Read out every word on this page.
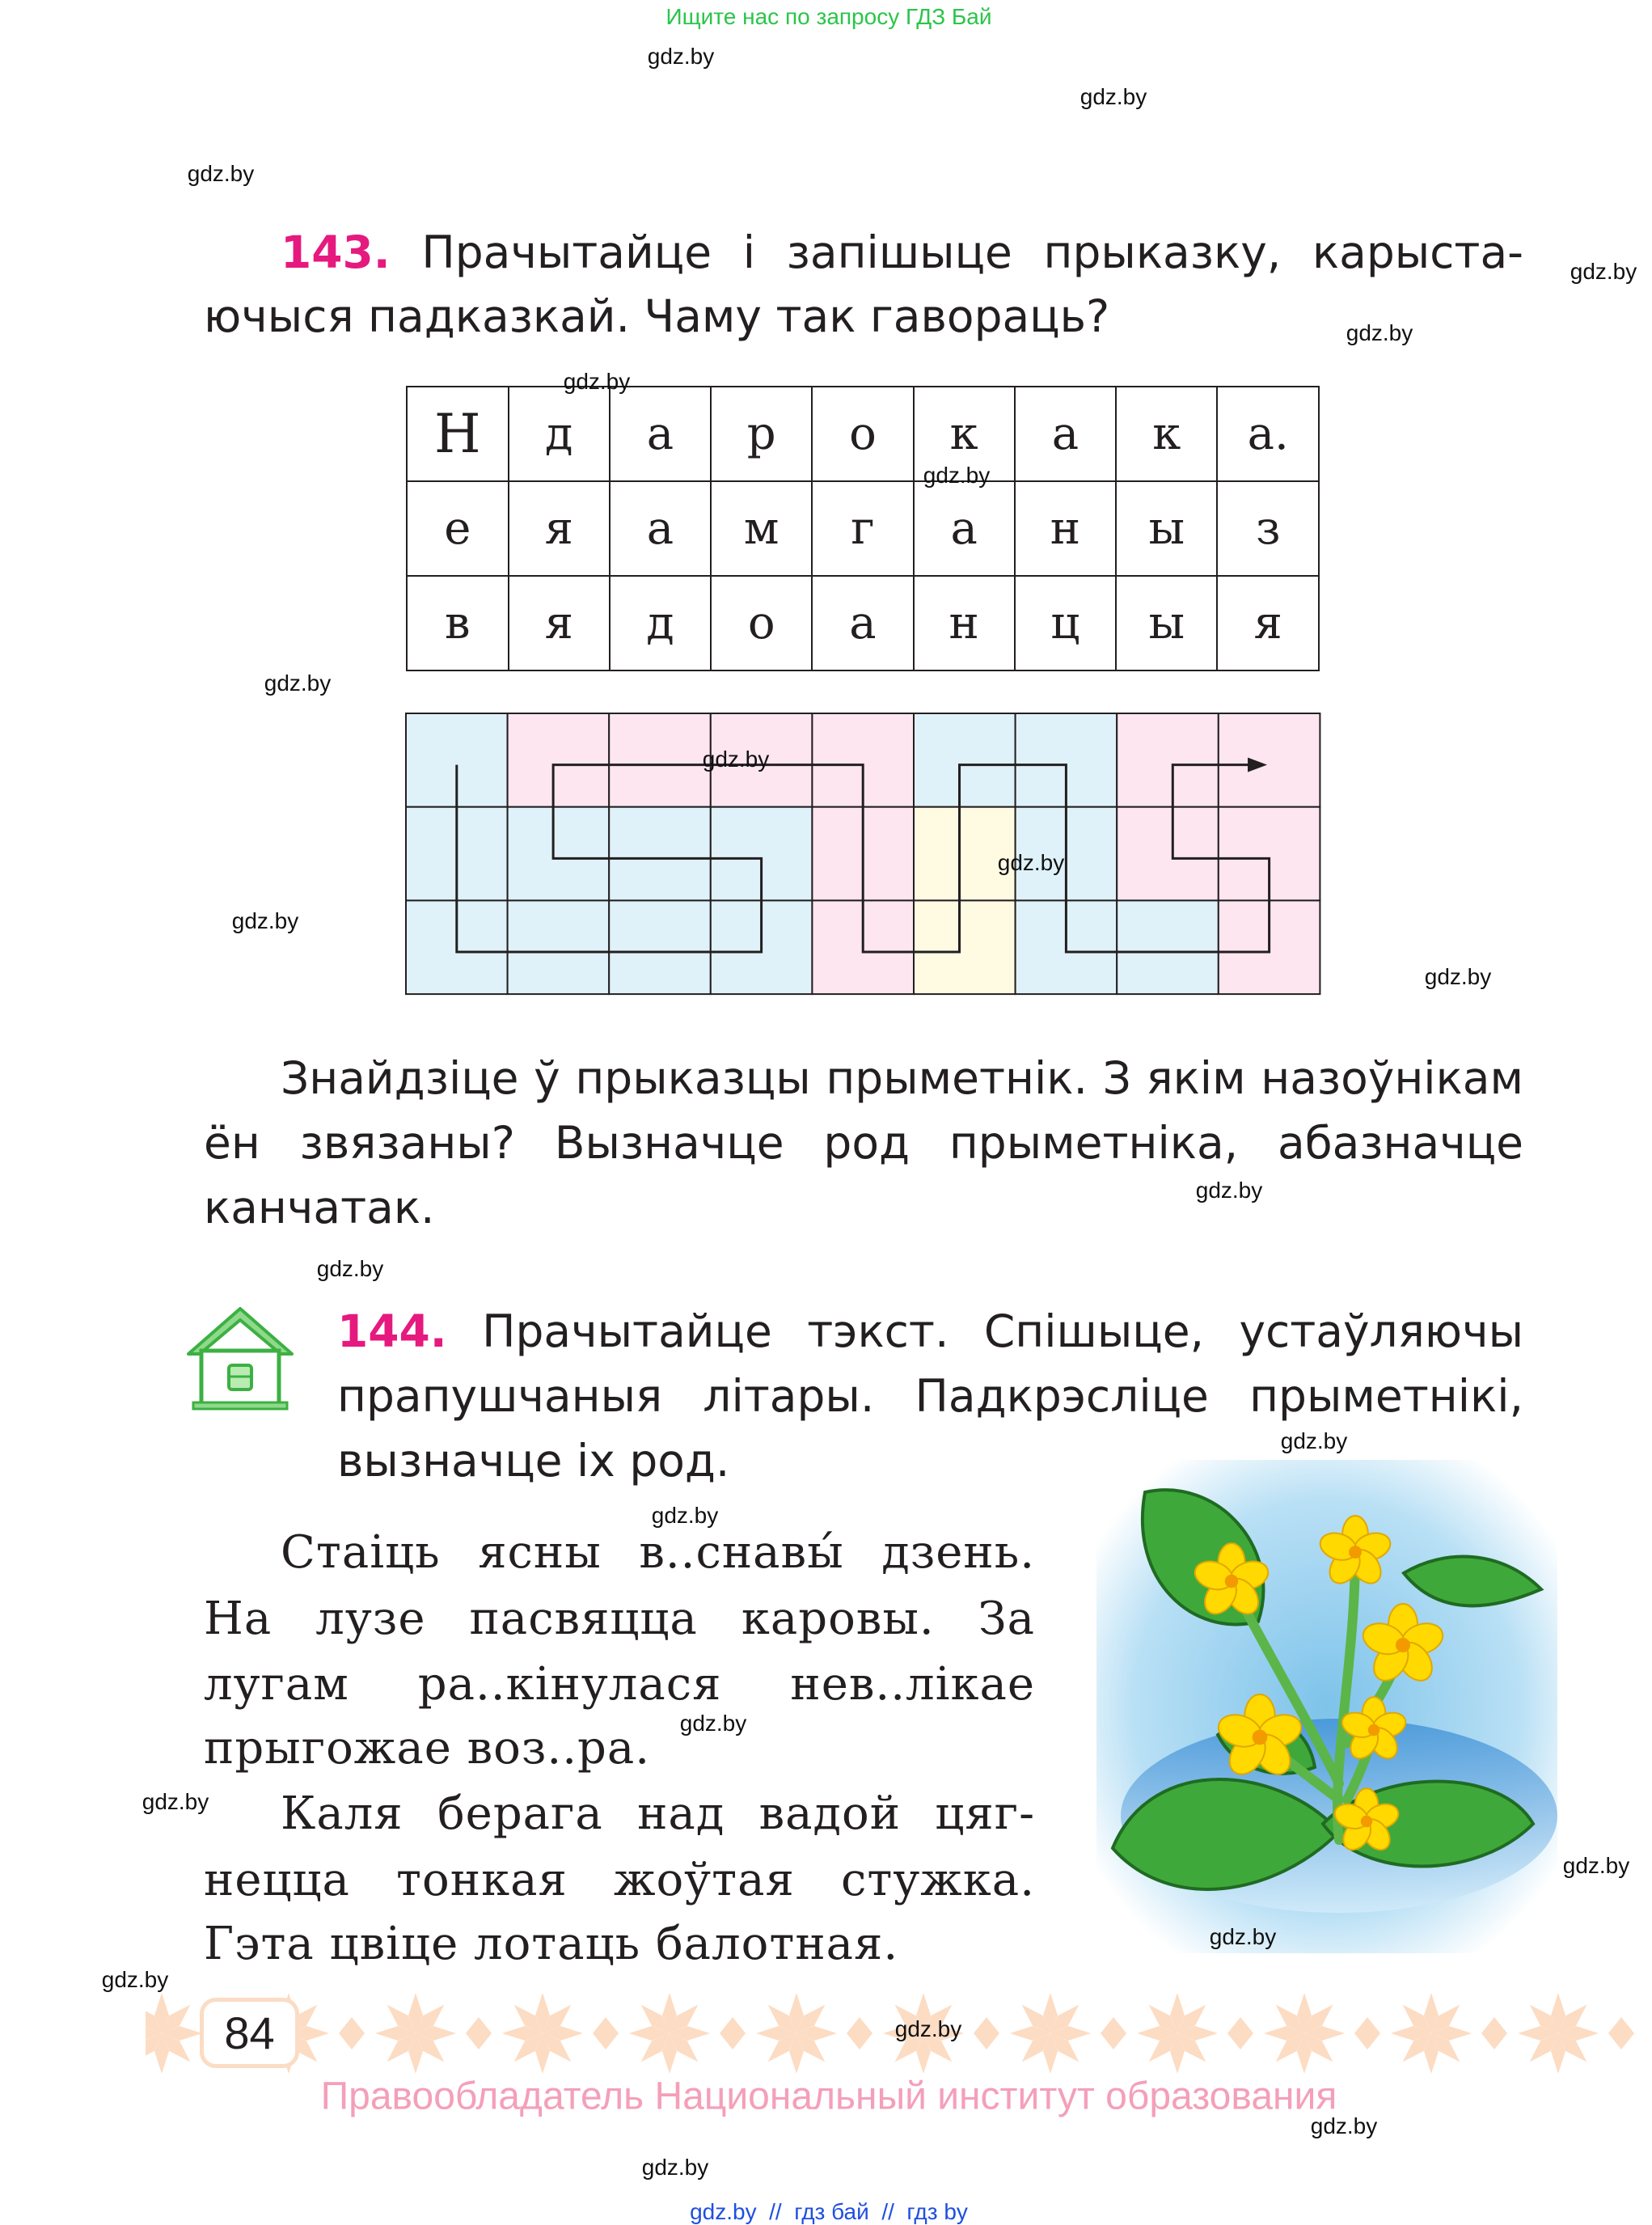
Ищите нас по запросу ГДЗ Бай
gdz.by
gdz.by
gdz.by
gdz.by
gdz.by
gdz.by
gdz.by
gdz.by
gdz.by
gdz.by
gdz.by
gdz.by
gdz.by
gdz.by
gdz.by
gdz.by
gdz.by
gdz.by
gdz.by
gdz.by
gdz.by
gdz.by
gdz.by
gdz.by
143. Прачытайце і запішыце прыказку, карыста-
ючыся падказкай. Чаму так гавораць?
Н	д	а	р	о	к	а	к	а.
е	я	а	м	г	а	н	ы	з
в	я	д	о	а	н	ц	ы	я
Знайдзіце ў прыказцы прыметнік. З якім назоўнікам
ён звязаны? Вызначце род прыметніка, абазначце
канчатак.
144. Прачытайце тэкст. Спішыце, устаўляючы
прапушчаныя літары. Падкрэсліце прыметнікі,
вызначце іх род.
Стаіць ясны в..снавы́ дзень.
На лузе пасвяцца каровы. За
лугам ра..кінулася нев..лікае
прыгожае воз..ра.
Каля берага над вадой цяг-
нецца тонкая жоўтая стужка.
Гэта цвіце лотаць балотная.
84
Правообладатель Национальный институт образования
gdz.by  //  гдз бай  //  гдз by
